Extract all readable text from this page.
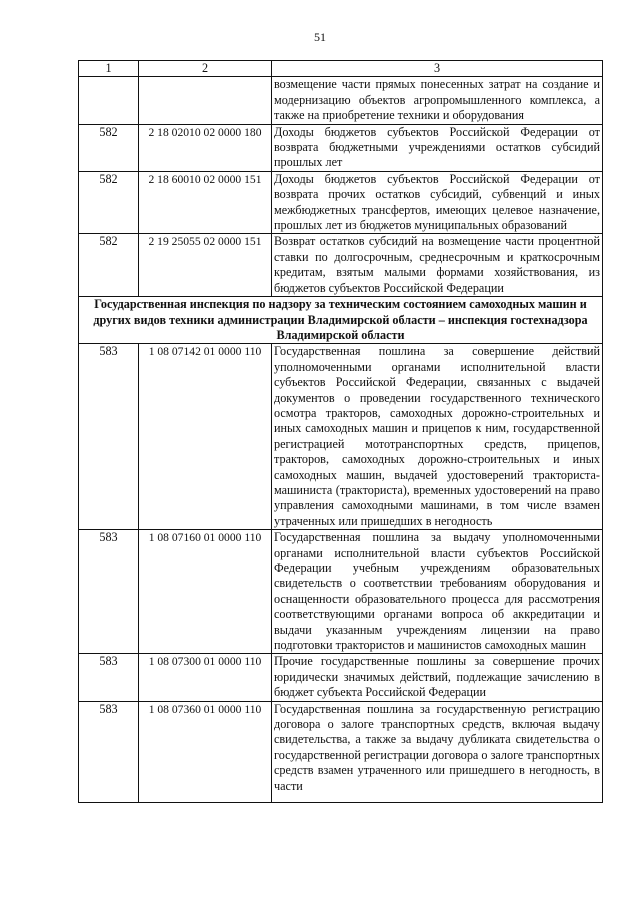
51
1	2	3
		возмещение части прямых понесенных затрат на создание и модернизацию объектов агропромышленного комплекса, а также на приобретение техники и оборудования
582	2 18 02010 02 0000 180	Доходы бюджетов субъектов Российской Федерации от возврата бюджетными учреждениями остатков субсидий прошлых лет
582	2 18 60010 02 0000 151	Доходы бюджетов субъектов Российской Федерации от возврата прочих остатков субсидий, субвенций и иных межбюджетных трансфертов, имеющих целевое назначение, прошлых лет из бюджетов муниципальных образований
582	2 19 25055 02 0000 151	Возврат остатков субсидий на возмещение части процентной ставки по долгосрочным, среднесрочным и краткосрочным кредитам, взятым малыми формами хозяйствования, из бюджетов субъектов Российской Федерации
Государственная инспекция по надзору за техническим состоянием самоходных машин и других видов техники администрации Владимирской области – инспекция гостехнадзора Владимирской области		
583	1 08 07142 01 0000 110	Государственная пошлина за совершение действий уполномоченными органами исполнительной власти субъектов Российской Федерации, связанных с выдачей документов о проведении государственного технического осмотра тракторов, самоходных дорожно-строительных и иных самоходных машин и прицепов к ним, государственной регистрацией мототранспортных средств, прицепов, тракторов, самоходных дорожно-строительных и иных самоходных машин, выдачей удостоверений тракториста-машиниста (тракториста), временных удостоверений на право управления самоходными машинами, в том числе взамен утраченных или пришедших в негодность
583	1 08 07160 01 0000 110	Государственная пошлина за выдачу уполномоченными органами исполнительной власти субъектов Российской Федерации учебным учреждениям образовательных свидетельств о соответствии требованиям оборудования и оснащенности образовательного процесса для рассмотрения соответствующими органами вопроса об аккредитации и выдачи указанным учреждениям лицензии на право подготовки трактористов и машинистов самоходных машин
583	1 08 07300 01 0000 110	Прочие государственные пошлины за совершение прочих юридически значимых действий, подлежащие зачислению в бюджет субъекта Российской Федерации
583	1 08 07360 01 0000 110	Государственная пошлина за государственную регистрацию договора о залоге транспортных средств, включая выдачу свидетельства, а также за выдачу дубликата свидетельства о государственной регистрации договора о залоге транспортных средств взамен утраченного или пришедшего в негодность, в части
